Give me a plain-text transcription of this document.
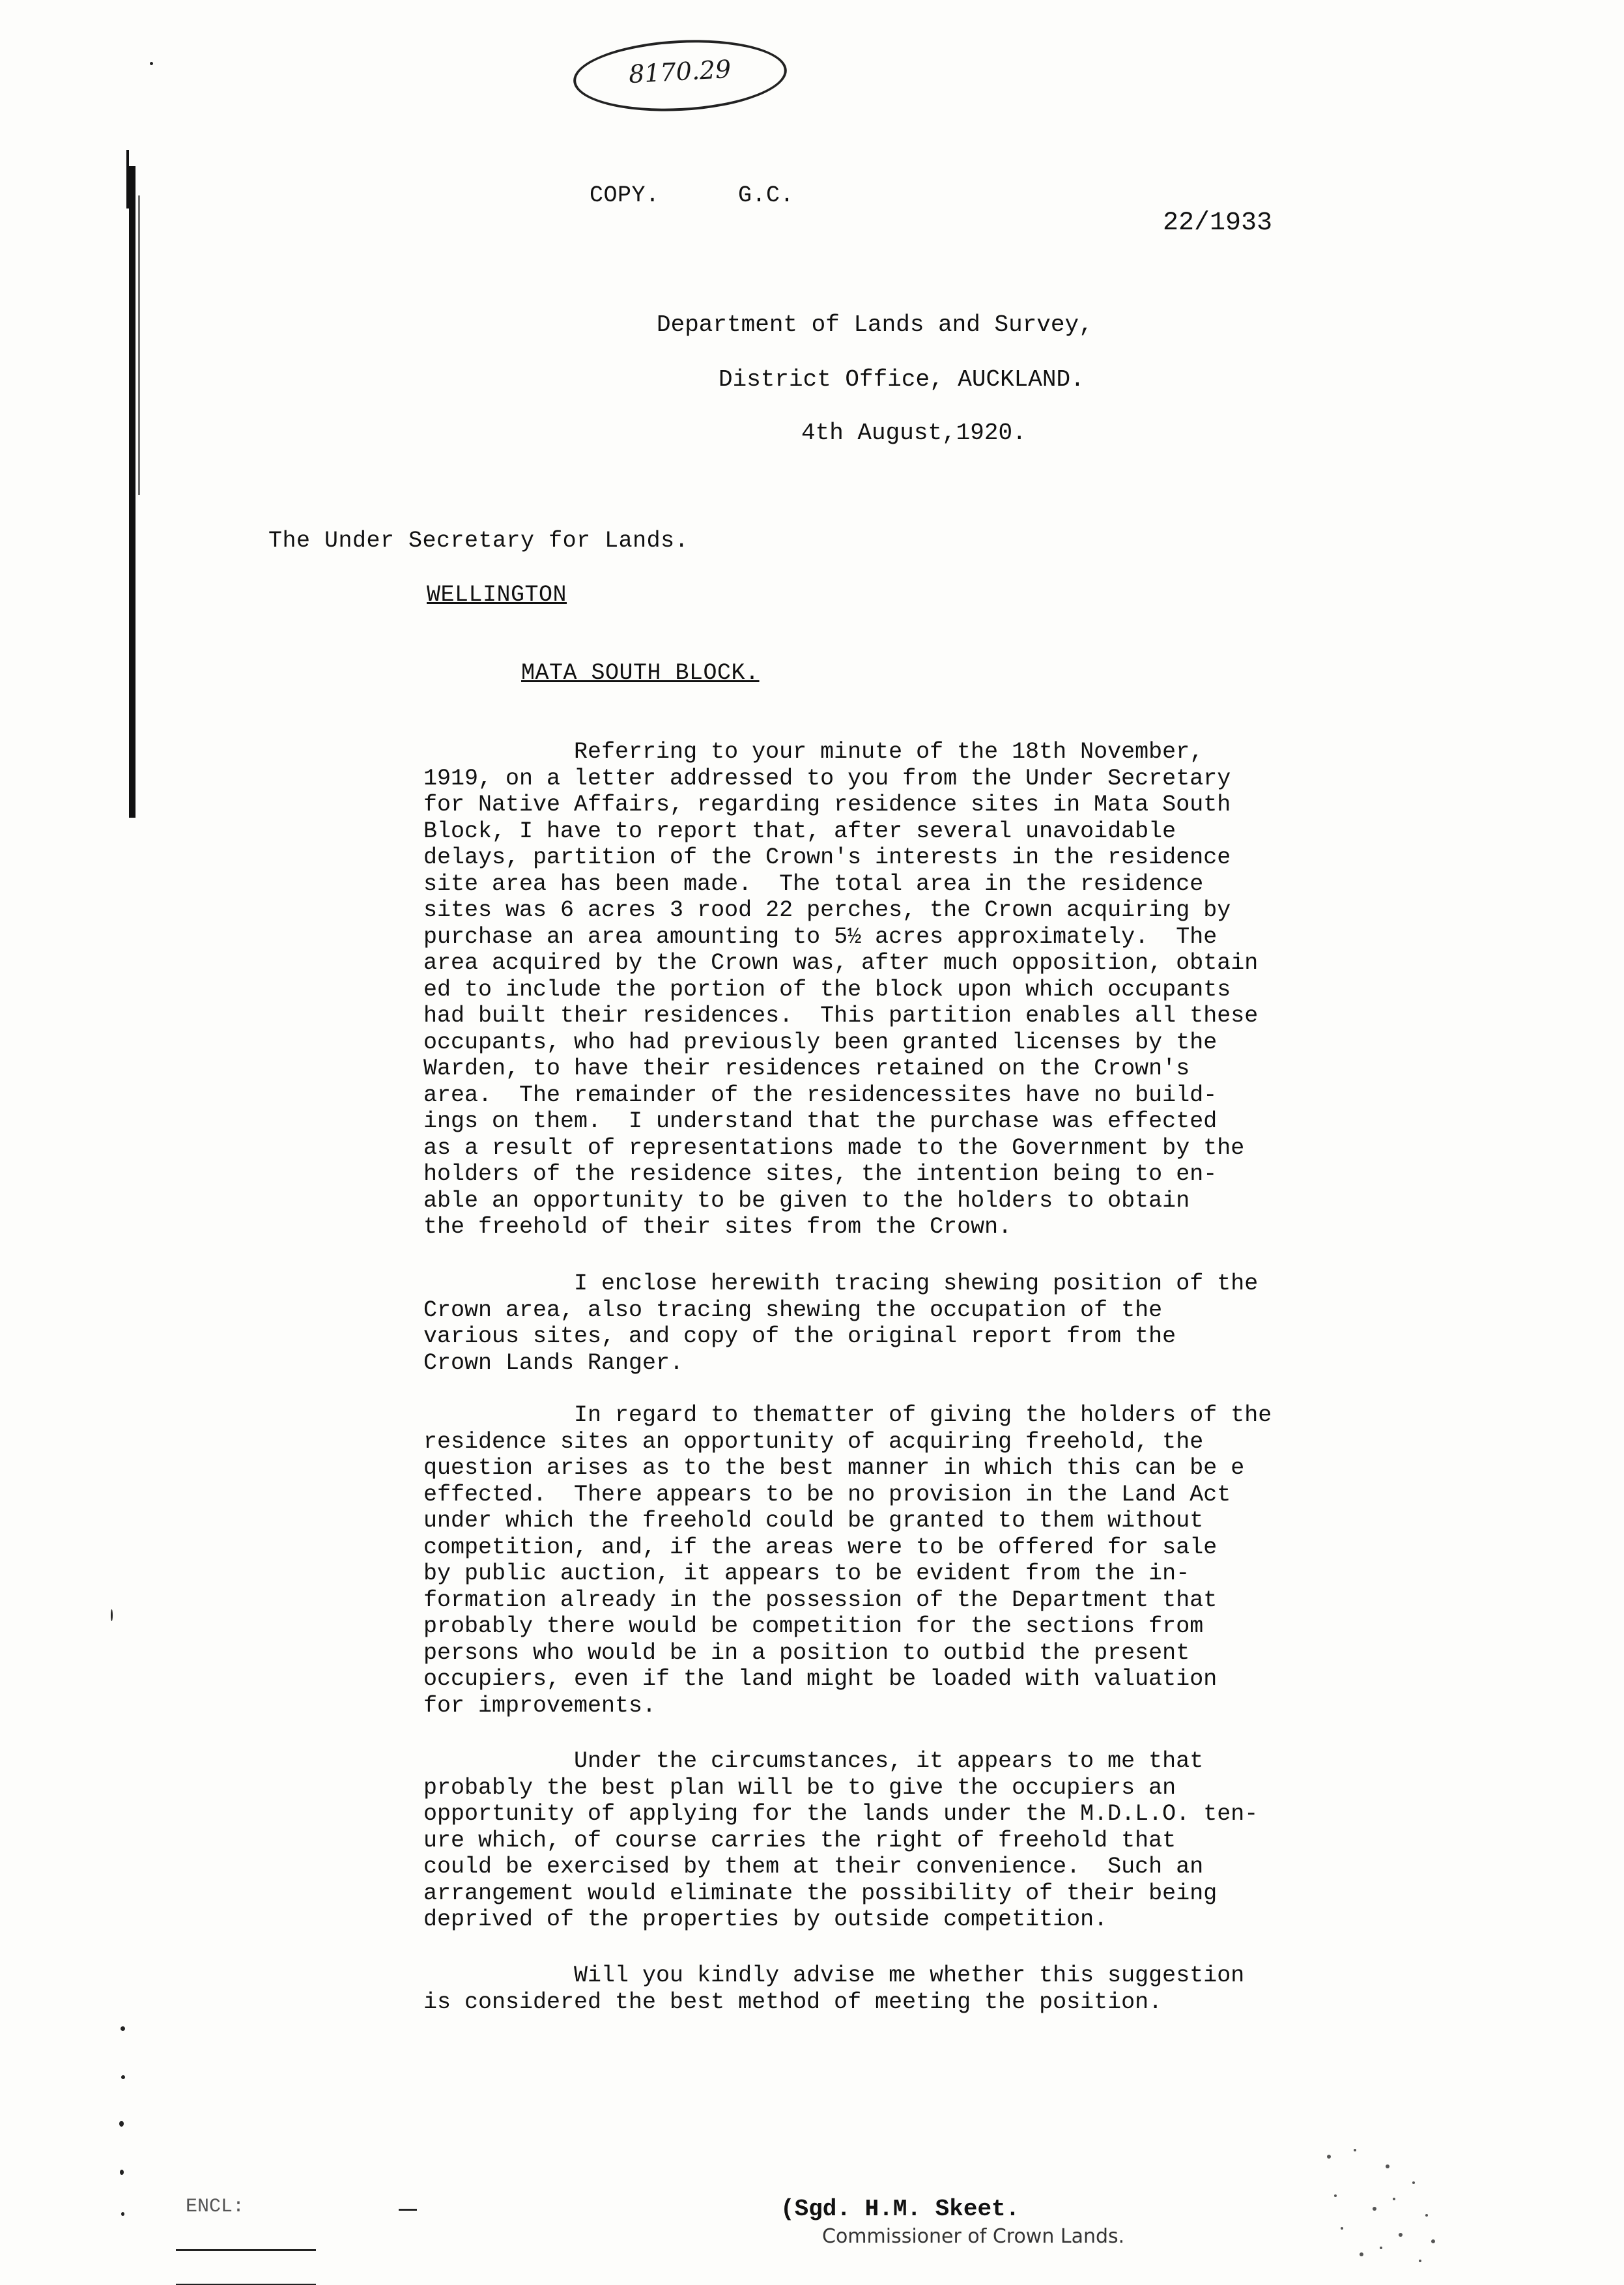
8170.29
COPY.	G.C.
22/1933
Department of Lands and Survey,
District Office, AUCKLAND.
4th August,1920.
The Under Secretary for Lands.
WELLINGTON
MATA SOUTH BLOCK.
Referring to your minute of the 18th November,
1919, on a letter addressed to you from the Under Secretary
for Native Affairs, regarding residence sites in Mata South
Block, I have to report that, after several unavoidable
delays, partition of the Crown's interests in the residence
site area has been made.  The total area in the residence
sites was 6 acres 3 rood 22 perches, the Crown acquiring by
purchase an area amounting to 5½ acres approximately.  The
area acquired by the Crown was, after much opposition, obtain
ed to include the portion of the block upon which occupants
had built their residences.  This partition enables all these
occupants, who had previously been granted licenses by the
Warden, to have their residences retained on the Crown's
area.  The remainder of the residencessites have no build-
ings on them.  I understand that the purchase was effected
as a result of representations made to the Government by the
holders of the residence sites, the intention being to en-
able an opportunity to be given to the holders to obtain
the freehold of their sites from the Crown.
I enclose herewith tracing shewing position of the
Crown area, also tracing shewing the occupation of the
various sites, and copy of the original report from the
Crown Lands Ranger.
In regard to thematter of giving the holders of the
residence sites an opportunity of acquiring freehold, the
question arises as to the best manner in which this can be e
effected.  There appears to be no provision in the Land Act
under which the freehold could be granted to them without
competition, and, if the areas were to be offered for sale
by public auction, it appears to be evident from the in-
formation already in the possession of the Department that
probably there would be competition for the sections from
persons who would be in a position to outbid the present
occupiers, even if the land might be loaded with valuation
for improvements.
Under the circumstances, it appears to me that
probably the best plan will be to give the occupiers an
opportunity of applying for the lands under the M.D.L.O. ten-
ure which, of course carries the right of freehold that
could be exercised by them at their convenience.  Such an
arrangement would eliminate the possibility of their being
deprived of the properties by outside competition.
Will you kindly advise me whether this suggestion
is considered the best method of meeting the position.
(Sgd. H.M. Skeet.
Commissioner of Crown Lands.
ENCL:
